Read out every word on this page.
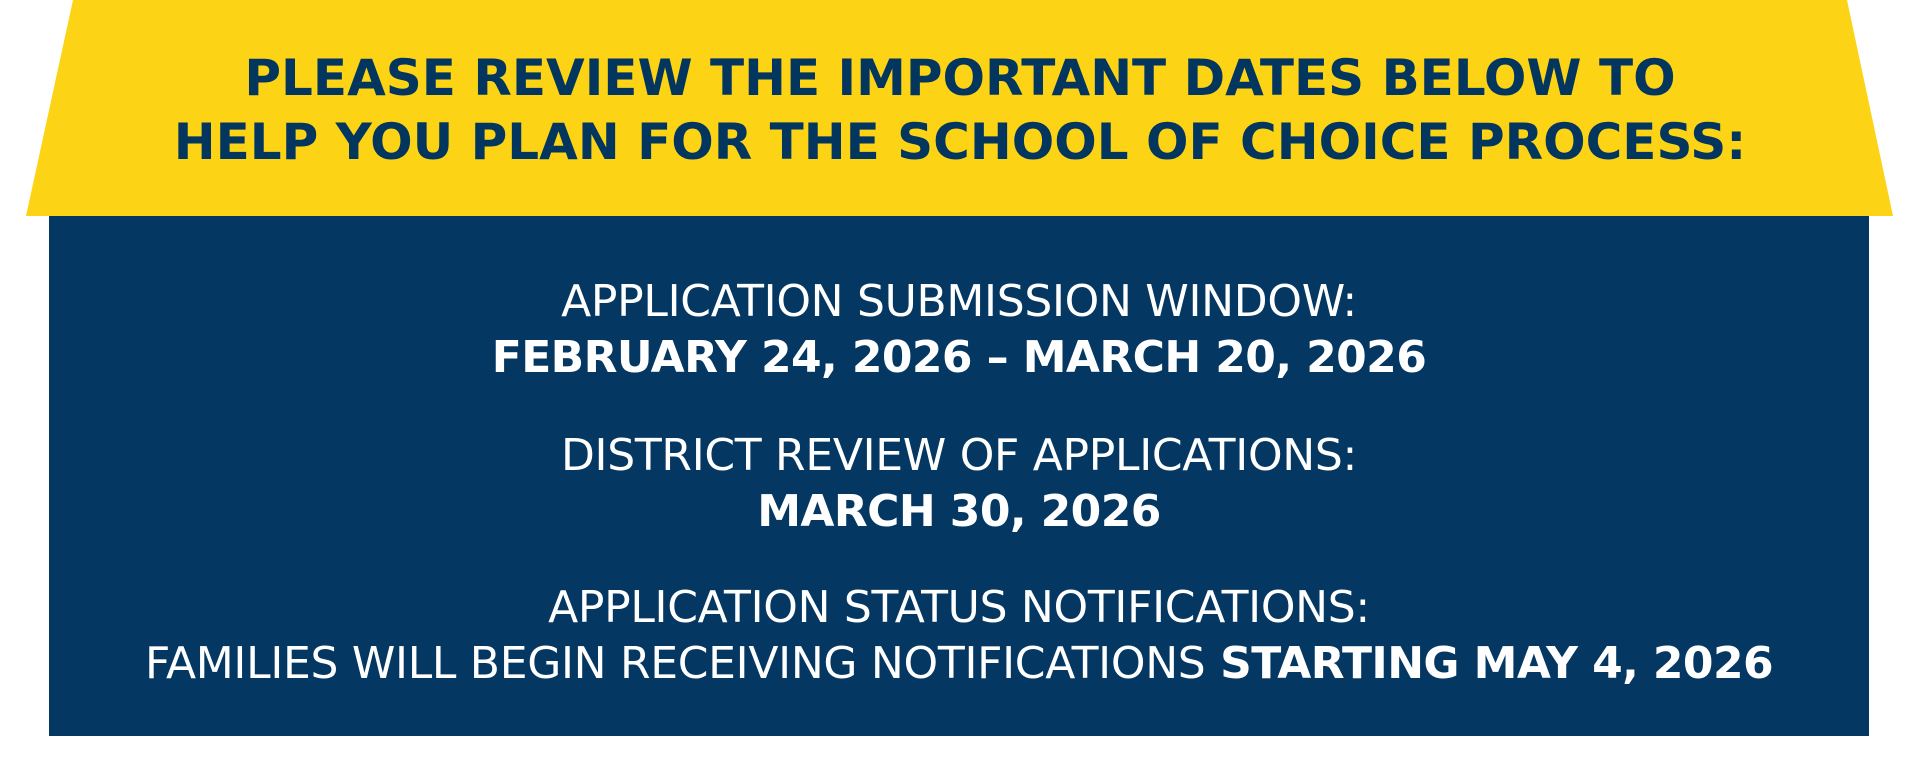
PLEASE REVIEW THE IMPORTANT DATES BELOW TO
HELP YOU PLAN FOR THE SCHOOL OF CHOICE PROCESS:
APPLICATION SUBMISSION WINDOW:
FEBRUARY 24, 2026 – MARCH 20, 2026
DISTRICT REVIEW OF APPLICATIONS:
MARCH 30, 2026
APPLICATION STATUS NOTIFICATIONS:
FAMILIES WILL BEGIN RECEIVING NOTIFICATIONS STARTING MAY 4, 2026
